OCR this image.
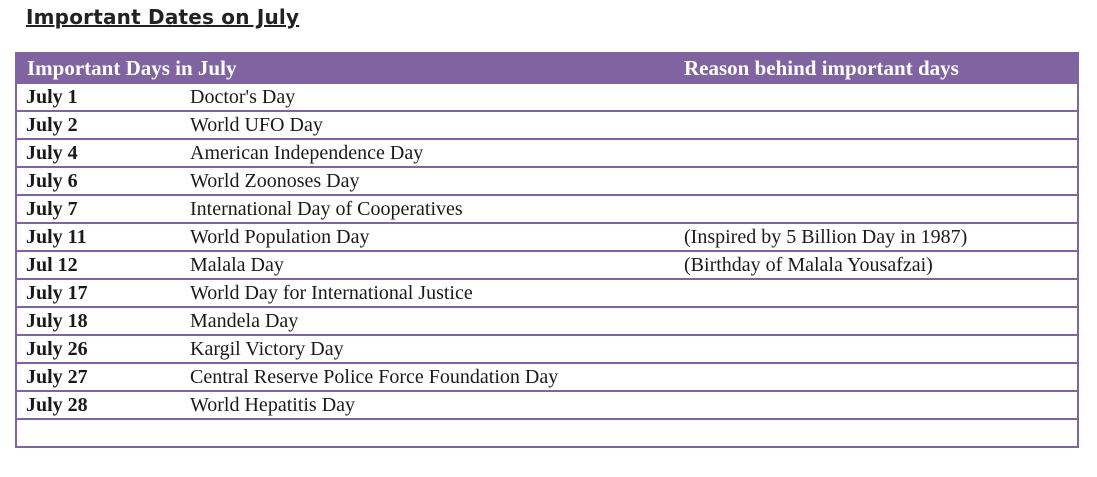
Important Dates on July
Important Days in July		Reason behind important days
July 1	Doctor's Day	
July 2	World UFO Day	
July 4	American Independence Day	
July 6	World Zoonoses Day	
July 7	International Day of Cooperatives	
July 11	World Population Day	(Inspired by 5 Billion Day in 1987)
Jul 12	Malala Day	(Birthday of Malala Yousafzai)
July 17	World Day for International Justice	
July 18	Mandela Day	
July 26	Kargil Victory Day	
July 27	Central Reserve Police Force Foundation Day	
July 28	World Hepatitis Day	
